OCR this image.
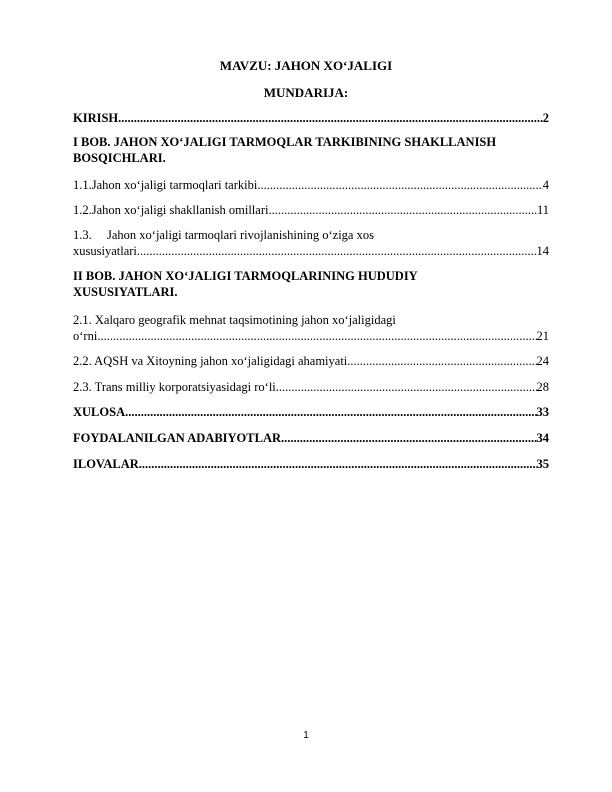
MAVZU: JAHON XO‘JALIGI
MUNDARIJA:
KIRISH .....	2
I BOB. JAHON XO‘JALIGI TARMOQLAR TARKIBINING SHAKLLANISH
BOSQICHLARI.
1.1. Jahon xo‘jaligi tarmoqlari tarkibi .....	4
1.2. Jahon xo‘jaligi shakllanish omillari .....	11
1.3.	Jahon xo‘jaligi tarmoqlari rivojlanishining o‘ziga xos
xususiyatlari .....	14
II BOB. JAHON XO‘JALIGI TARMOQLARINING HUDUDIY
XUSUSIYATLARI.
2.1. Xalqaro geografik mehnat taqsimotining jahon xo‘jaligidagi
o‘rni .....	21
2.2. AQSH va Xitoyning jahon xo‘jaligidagi ahamiyati .....	24
2.3. Trans milliy korporatsiyasidagi ro‘li .....	28
XULOSA .....	33
FOYDALANILGAN ADABIYOTLAR .....	34
ILOVALAR .....	35
1
